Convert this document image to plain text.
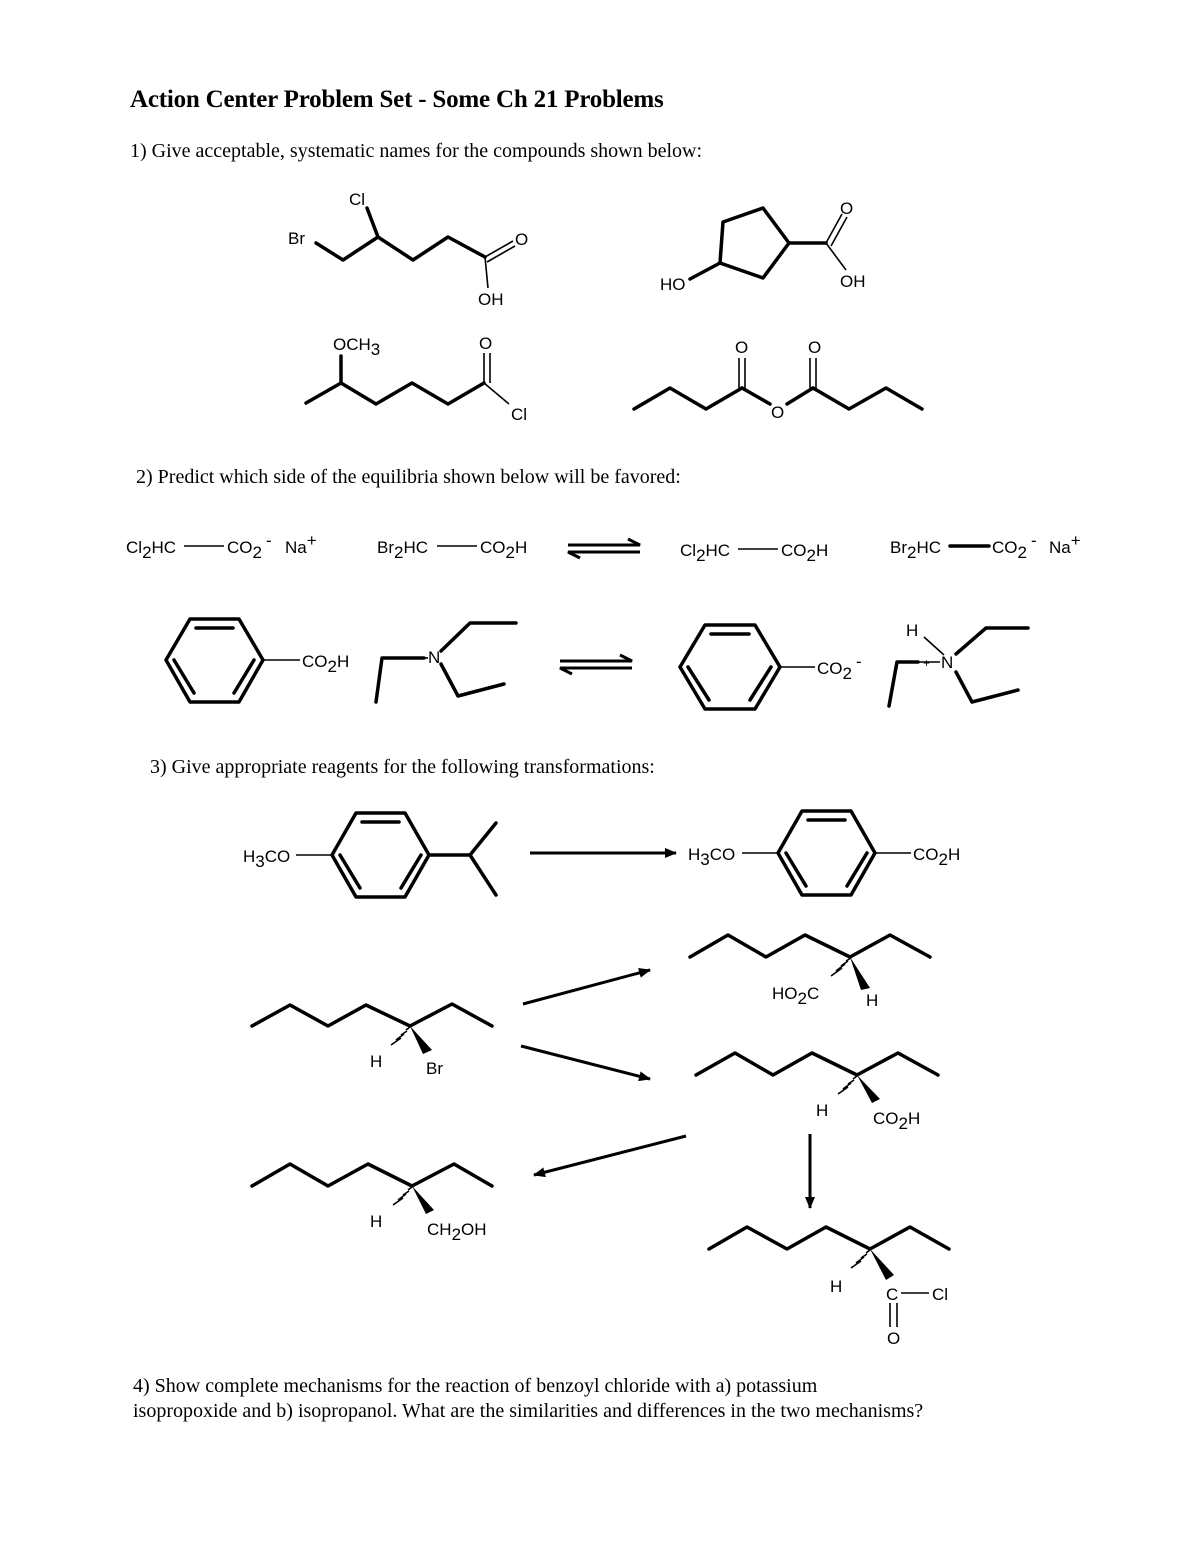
Action Center Problem Set - Some Ch 21 Problems
1) Give acceptable, systematic names for the compounds shown below:
2) Predict which side of the equilibria shown below will be favored:
3) Give appropriate reagents for the following transformations:
4) Show complete mechanisms for the reaction of benzoyl chloride with a) potassium
isopropoxide and b) isopropanol. What are the similarities and differences in the two mechanisms?
Cl
Br	O
OH
O
HO	OH
OCH3	O
Cl
O	O
O
Cl2HC	CO2- Na+	Br2HC	CO2H	Cl2HC	CO2H	Br2HC	CO2- Na+
CO2H	N
CO2-	+ N
H
H3CO	H3CO	CO2H
H	Br
HO2C	H
H	CO2H
H	CH2OH
H	C Cl
O
